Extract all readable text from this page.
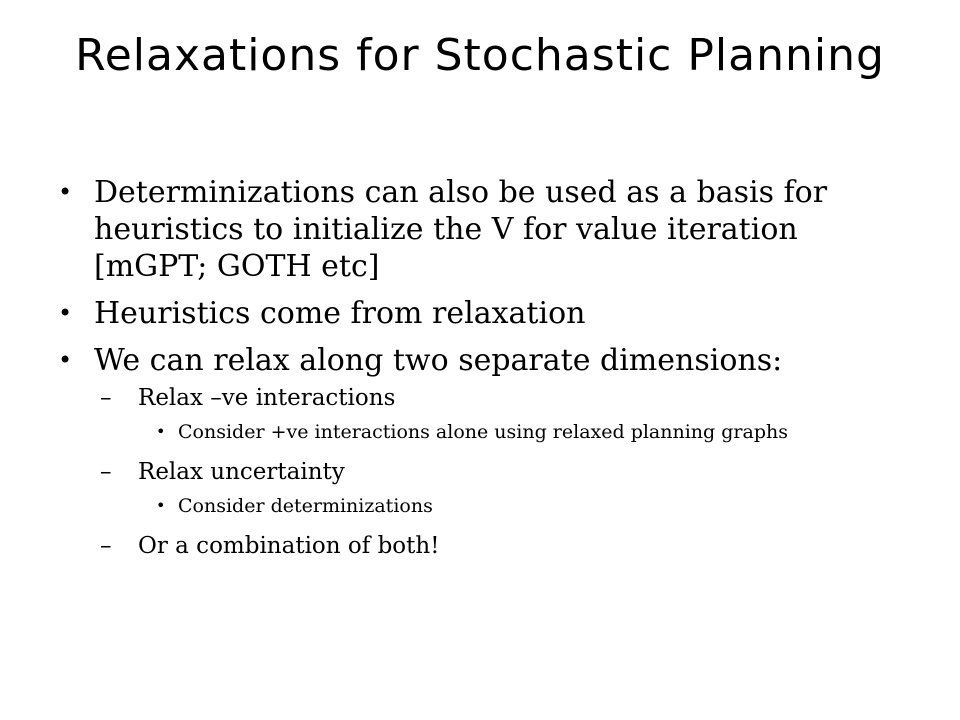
Relaxations for Stochastic Planning
• Determinizations can also be used as a basis for heuristics to initialize the V for value iteration [mGPT; GOTH etc]
• Heuristics come from relaxation
• We can relax along two separate dimensions:
– Relax –ve interactions
• Consider +ve interactions alone using relaxed planning graphs
– Relax uncertainty
• Consider determinizations
– Or a combination of both!
